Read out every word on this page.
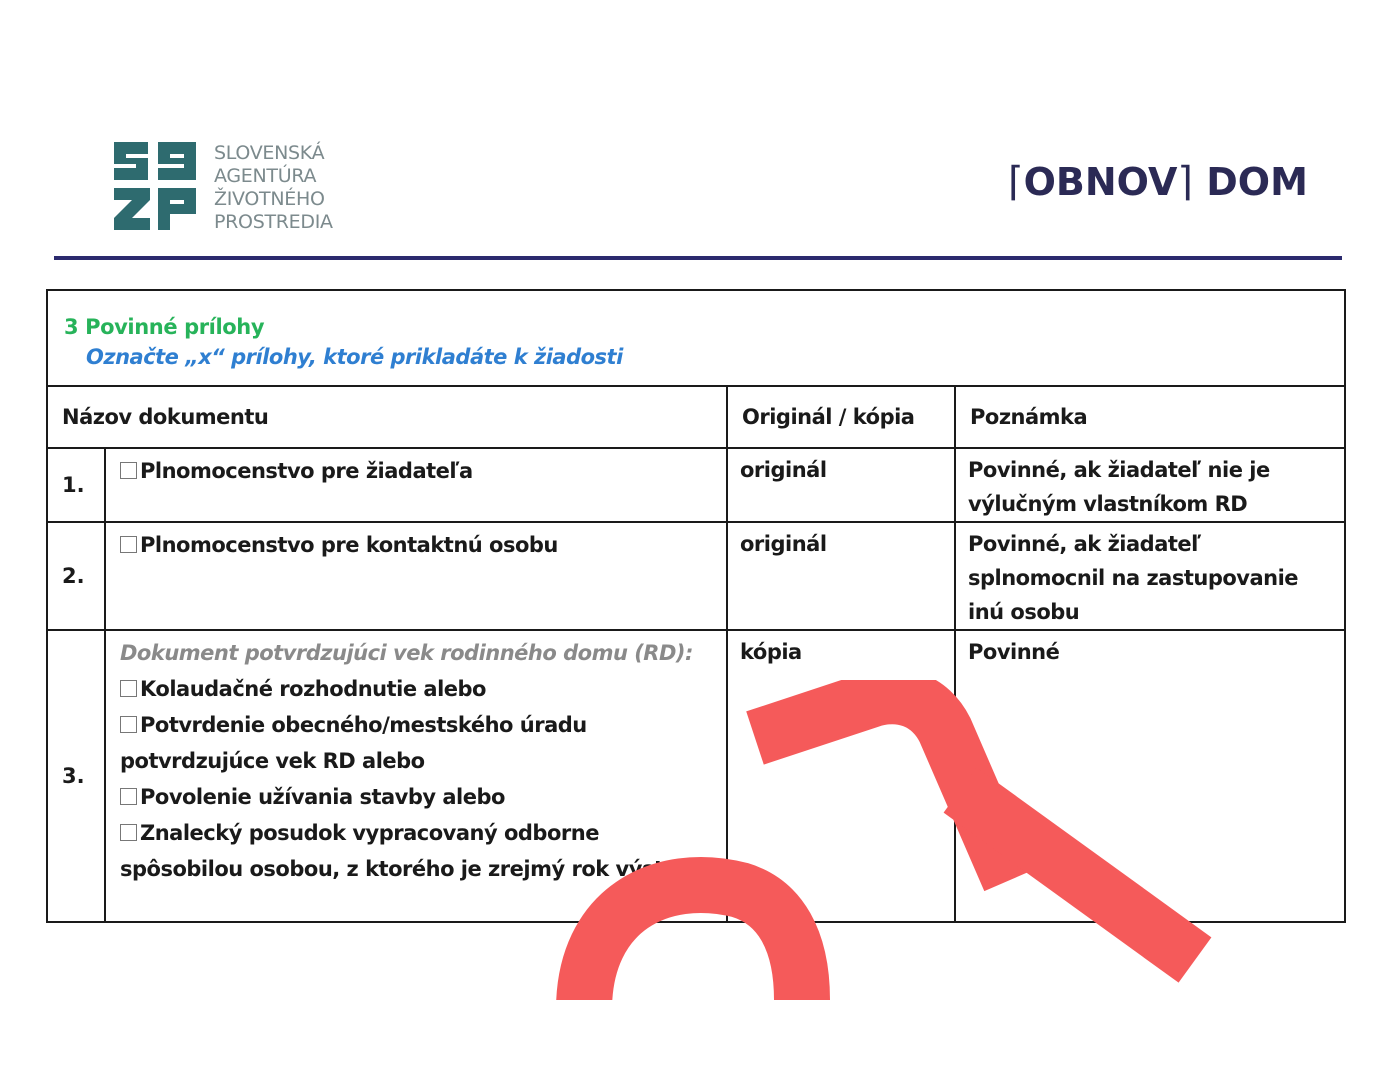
SLOVENSKÁ
AGENTÚRA
ŽIVOTNÉHO
PROSTREDIA
⌈OBNOV⌉ DOM
3 Povinné prílohy
Označte „x“ prílohy, ktoré prikladáte k žiadosti			

Názov dokumentu		Originál / kópia	Poznámka

1.	Plnomocenstvo pre žiadateľa	originál	Povinné, ak žiadateľ nie je výlučným vlastníkom RD

2.	Plnomocenstvo pre kontaktnú osobu	originál	Povinné, ak žiadateľ splnomocnil na zastupovanie inú osobu

3.	Dokument potvrdzujúci vek rodinného domu (RD):
Kolaudačné rozhodnutie alebo
Potvrdenie obecného/mestského úradu potvrdzujúce vek RD alebo
Povolenie užívania stavby alebo
Znalecký posudok vypracovaný odborne spôsobilou osobou, z ktorého je zrejmý rok výstavby	kópia	Povinné
